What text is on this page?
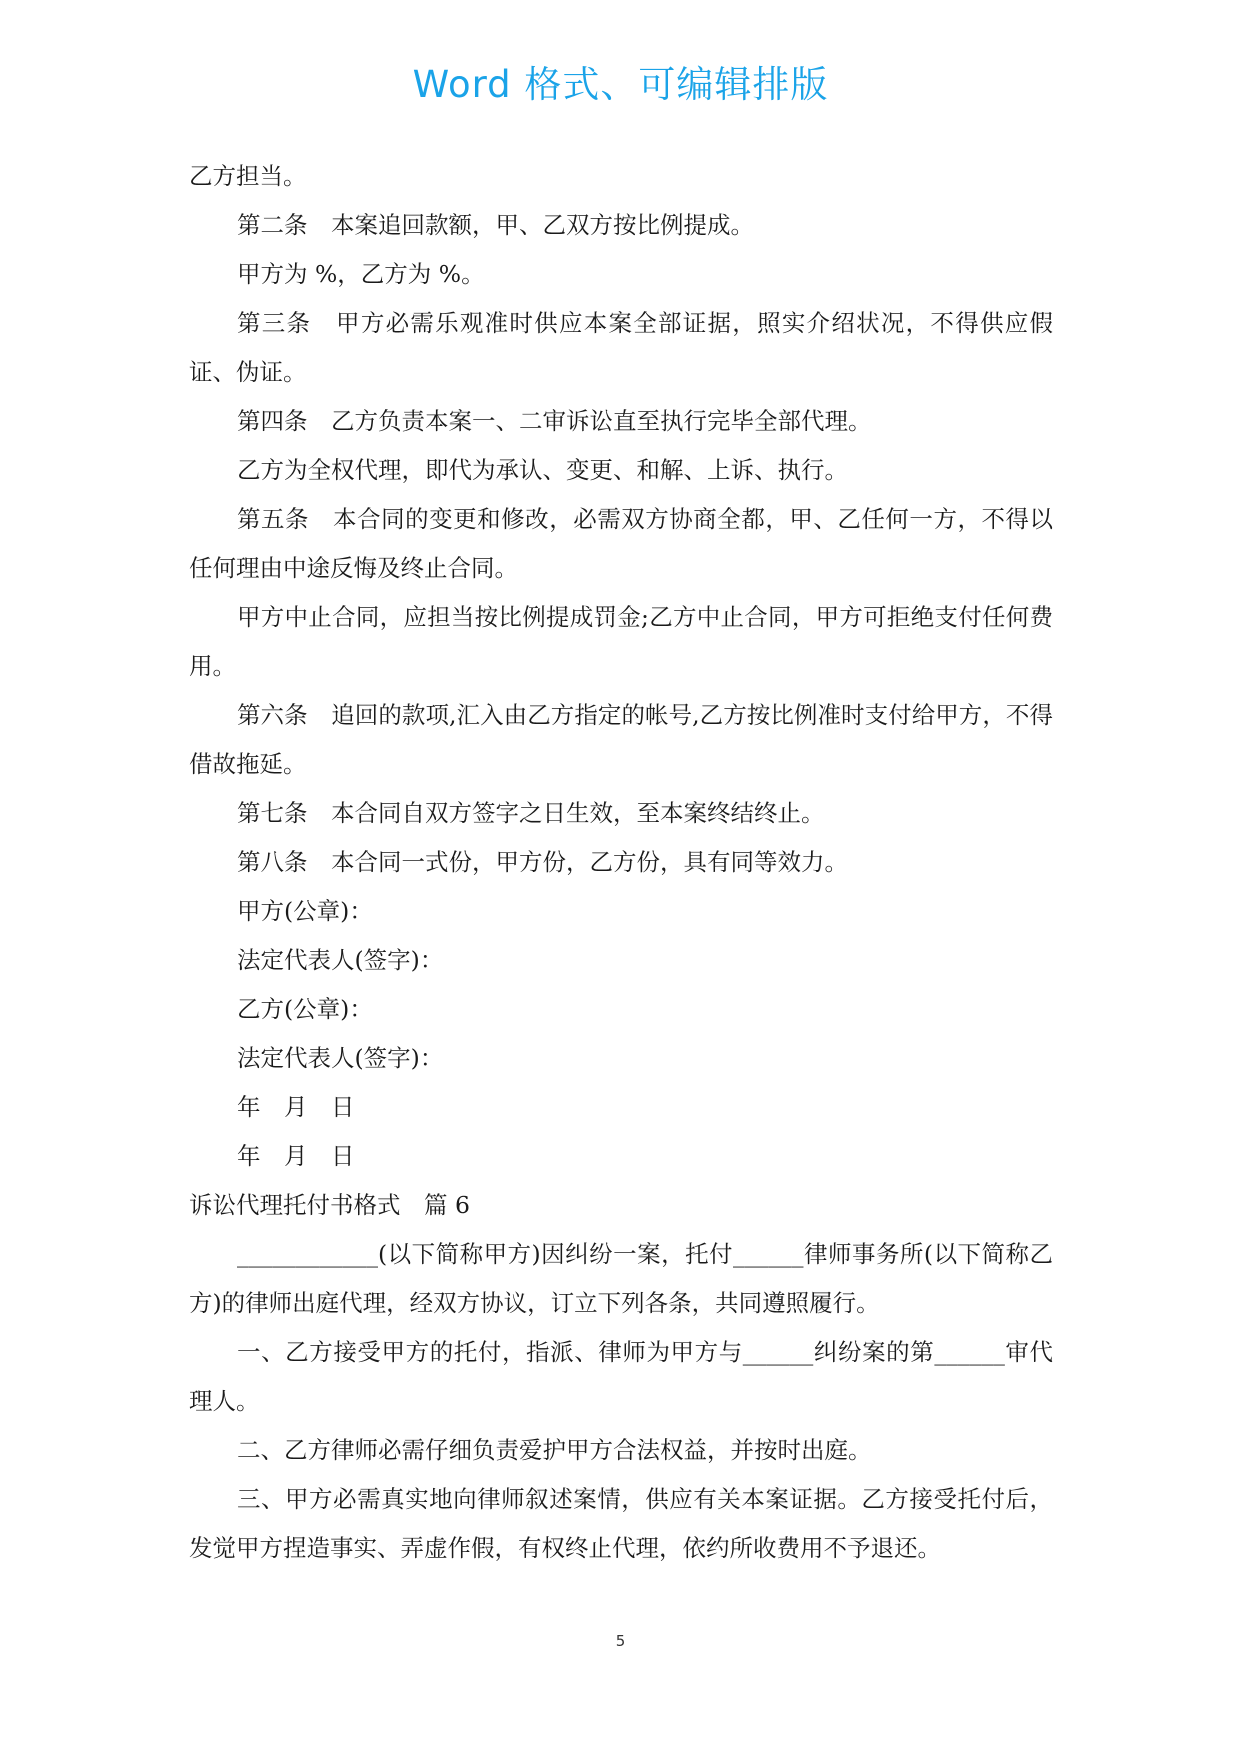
Word 格式、可编辑排版

乙方担当。

第二条　本案追回款额，甲、乙双方按比例提成。

甲方为 %，乙方为 %。

第三条　甲方必需乐观准时供应本案全部证据，照实介绍状况，不得供应假证、伪证。

第四条　乙方负责本案一、二审诉讼直至执行完毕全部代理。

乙方为全权代理，即代为承认、变更、和解、上诉、执行。

第五条　本合同的变更和修改，必需双方协商全都，甲、乙任何一方，不得以任何理由中途反悔及终止合同。

甲方中止合同，应担当按比例提成罚金;乙方中止合同，甲方可拒绝支付任何费用。

第六条　追回的款项,汇入由乙方指定的帐号,乙方按比例准时支付给甲方，不得借故拖延。

第七条　本合同自双方签字之日生效，至本案终结终止。

第八条　本合同一式份，甲方份，乙方份，具有同等效力。

甲方(公章)：

法定代表人(签字)：

乙方(公章)：

法定代表人(签字)：

年　月　日

年　月　日

诉讼代理托付书格式　篇 6

____________(以下简称甲方)因纠纷一案，托付______律师事务所(以下简称乙方)的律师出庭代理，经双方协议，订立下列各条，共同遵照履行。

一、乙方接受甲方的托付，指派、律师为甲方与______纠纷案的第______审代理人。

二、乙方律师必需仔细负责爱护甲方合法权益，并按时出庭。

三、甲方必需真实地向律师叙述案情，供应有关本案证据。乙方接受托付后，发觉甲方捏造事实、弄虚作假，有权终止代理，依约所收费用不予退还。

5
